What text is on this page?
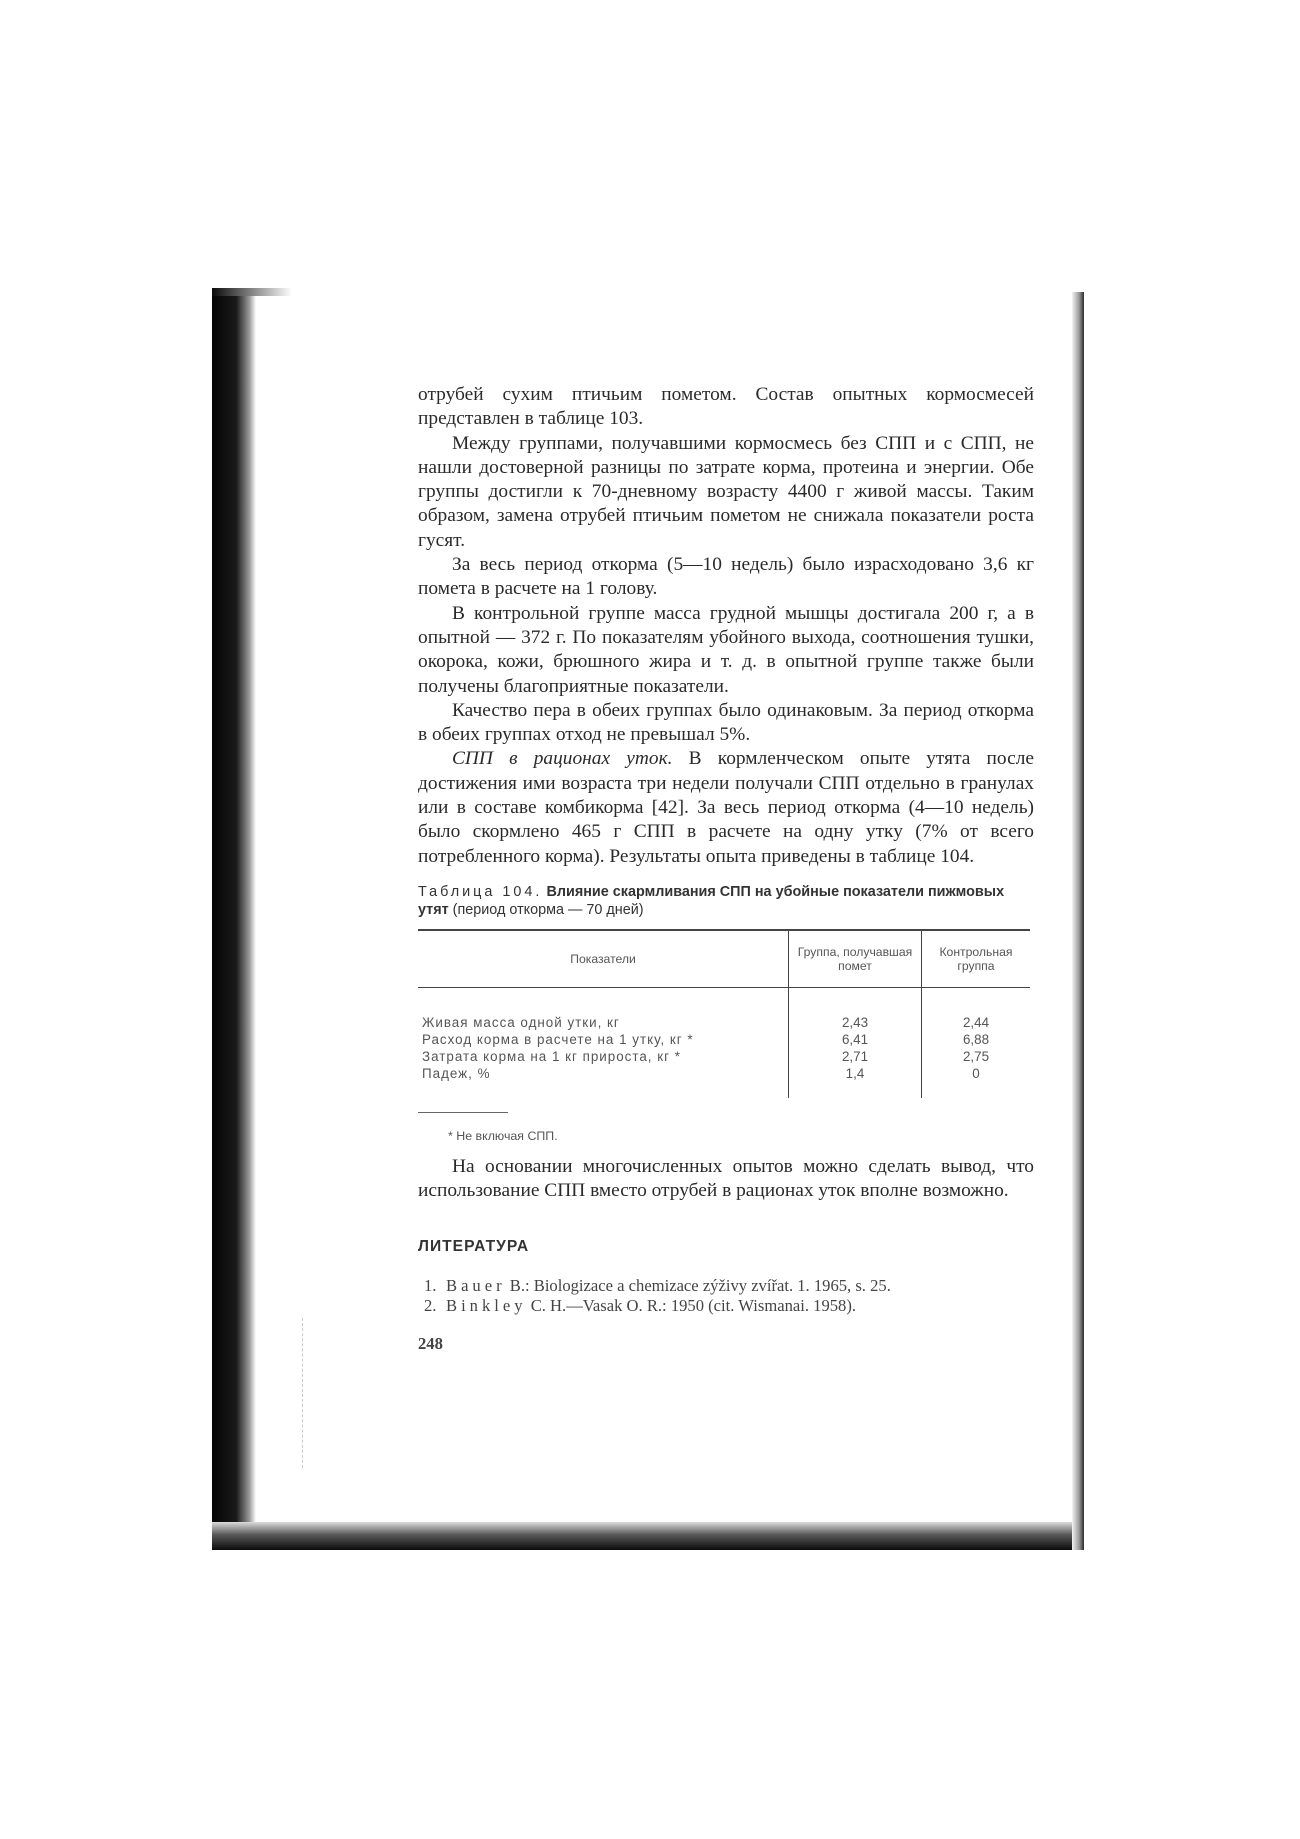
отрубей сухим птичьим пометом. Состав опытных кормосмесей представлен в таблице 103.

Между группами, получавшими кормосмесь без СПП и с СПП, не нашли достоверной разницы по затрате корма, протеина и энергии. Обе группы достигли к 70-дневному возрасту 4400 г живой массы. Таким образом, замена отрубей птичьим пометом не снижала показатели роста гусят.

За весь период откорма (5—10 недель) было израсходовано 3,6 кг помета в расчете на 1 голову.

В контрольной группе масса грудной мышцы достигала 200 г, а в опытной — 372 г. По показателям убойного выхода, соотношения тушки, окорока, кожи, брюшного жира и т. д. в опытной группе также были получены благоприятные показатели.

Качество пера в обеих группах было одинаковым. За период откорма в обеих группах отход не превышал 5%.

СПП в рационах уток. В кормленческом опыте утята после достижения ими возраста три недели получали СПП отдельно в гранулах или в составе комбикорма [42]. За весь период откорма (4—10 недель) было скормлено 465 г СПП в расчете на одну утку (7% от всего потребленного корма). Результаты опыта приведены в таблице 104.

Таблица 104. Влияние скармливания СПП на убойные показатели пижмовых утят (период откорма — 70 дней)
Показатели	Группа, получавшая помет	Контрольная группа
Живая масса одной утки, кг	2,43	2,44
Расход корма в расчете на 1 утку, кг *	6,41	6,88
Затрата корма на 1 кг прироста, кг *	2,71	2,75
Падеж, %	1,4	0
* Не включая СПП.

На основании многочисленных опытов можно сделать вывод, что использование СПП вместо отрубей в рационах уток вполне возможно.

ЛИТЕРАТУРА
1. Bauer B.: Biologizace a chemizace zýživy zvířat. 1. 1965, s. 25.
2. Binkley C. H.—Vasak O. R.: 1950 (cit. Wismanai. 1958).
248
